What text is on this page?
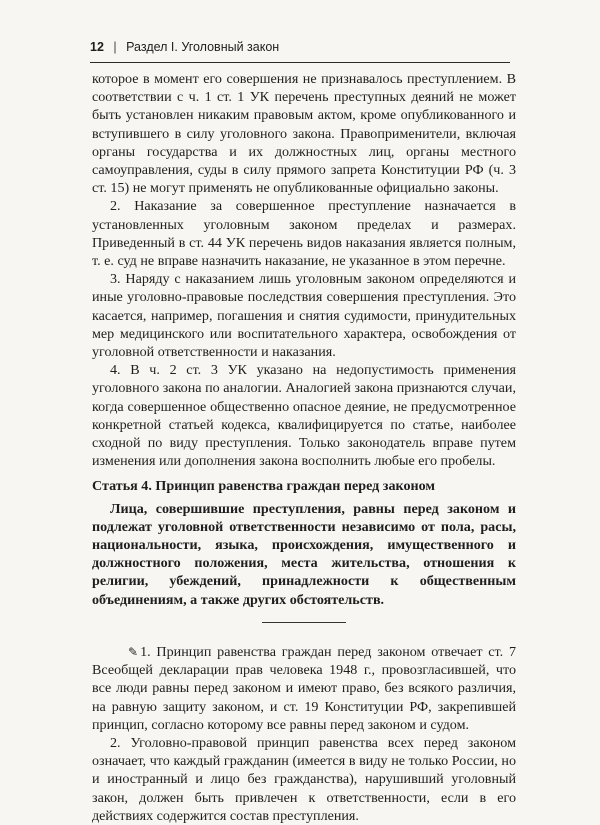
12 | Раздел I. Уголовный закон

которое в момент его совершения не признавалось преступлением. В соответствии с ч. 1 ст. 1 УК перечень преступных деяний не может быть установлен никаким правовым актом, кроме опубликованного и вступившего в силу уголовного закона. Правоприменители, включая органы государства и их должностных лиц, органы местного самоуправления, суды в силу прямого запрета Конституции РФ (ч. 3 ст. 15) не могут применять не опубликованные официально законы.

2. Наказание за совершенное преступление назначается в установленных уголовным законом пределах и размерах. Приведенный в ст. 44 УК перечень видов наказания является полным, т. е. суд не вправе назначить наказание, не указанное в этом перечне.

3. Наряду с наказанием лишь уголовным законом определяются и иные уголовно-правовые последствия совершения преступления. Это касается, например, погашения и снятия судимости, принудительных мер медицинского или воспитательного характера, освобождения от уголовной ответственности и наказания.

4. В ч. 2 ст. 3 УК указано на недопустимость применения уголовного закона по аналогии. Аналогией закона признаются случаи, когда совершенное общественно опасное деяние, не предусмотренное конкретной статьей кодекса, квалифицируется по статье, наиболее сходной по виду преступления. Только законодатель вправе путем изменения или дополнения закона восполнить любые его пробелы.

Статья 4. Принцип равенства граждан перед законом

Лица, совершившие преступления, равны перед законом и подлежат уголовной ответственности независимо от пола, расы, национальности, языка, происхождения, имущественного и должностного положения, места жительства, отношения к религии, убеждений, принадлежности к общественным объединениям, а также других обстоятельств.

✎ 1. Принцип равенства граждан перед законом отвечает ст. 7 Всеобщей декларации прав человека 1948 г., провозгласившей, что все люди равны перед законом и имеют право, без всякого различия, на равную защиту законом, и ст. 19 Конституции РФ, закрепившей принцип, согласно которому все равны перед законом и судом.

2. Уголовно-правовой принцип равенства всех перед законом означает, что каждый гражданин (имеется в виду не только России, но и иностранный и лицо без гражданства), нарушивший уголовный закон, должен быть привлечен к ответственности, если в его действиях содержится состав преступления.
